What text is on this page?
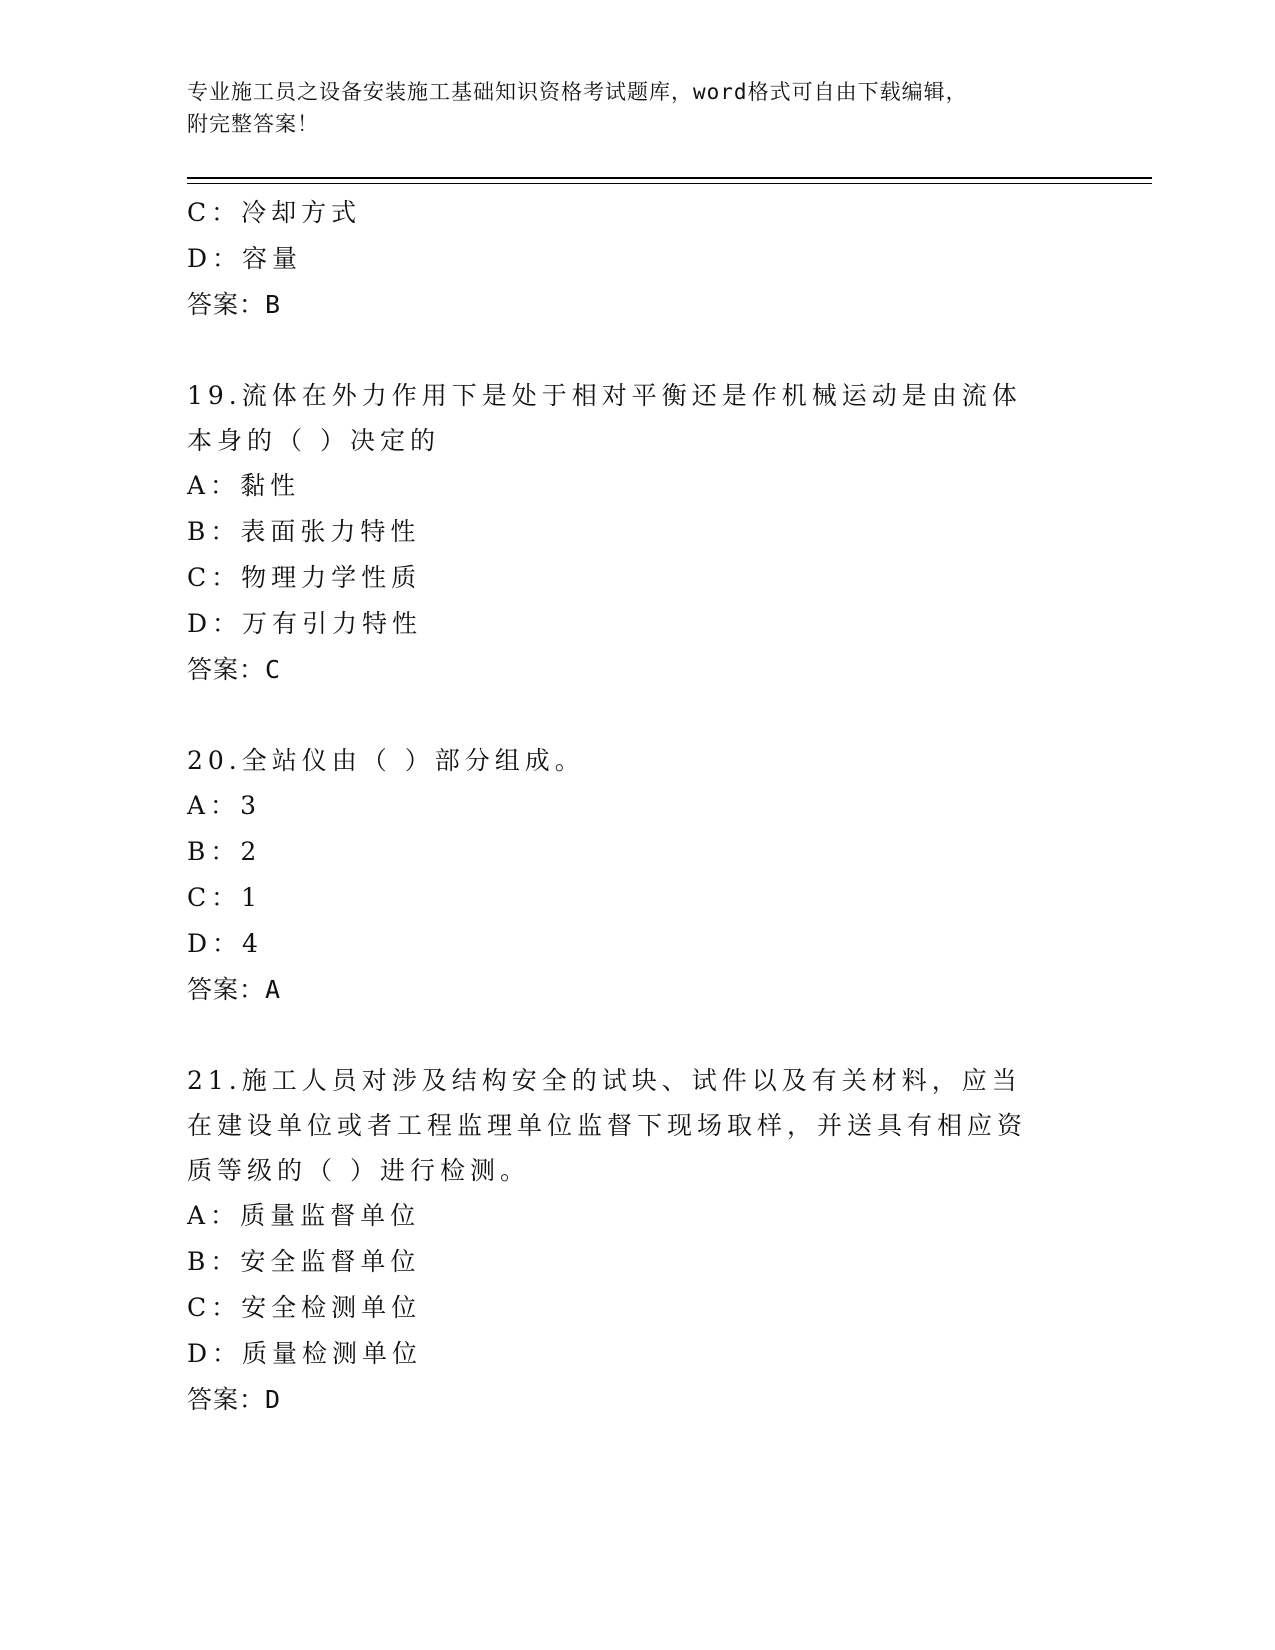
专业施工员之设备安装施工基础知识资格考试题库，word格式可自由下载编辑，
附完整答案！
C：冷却方式
D：容量
答案：B
19.流体在外力作用下是处于相对平衡还是作机械运动是由流体本身的（ ）决定的
A：黏性
B：表面张力特性
C：物理力学性质
D：万有引力特性
答案：C
20.全站仪由（ ）部分组成。
A：3
B：2
C：1
D：4
答案：A
21.施工人员对涉及结构安全的试块、试件以及有关材料，应当在建设单位或者工程监理单位监督下现场取样，并送具有相应资质等级的（ ）进行检测。
A：质量监督单位
B：安全监督单位
C：安全检测单位
D：质量检测单位
答案：D
